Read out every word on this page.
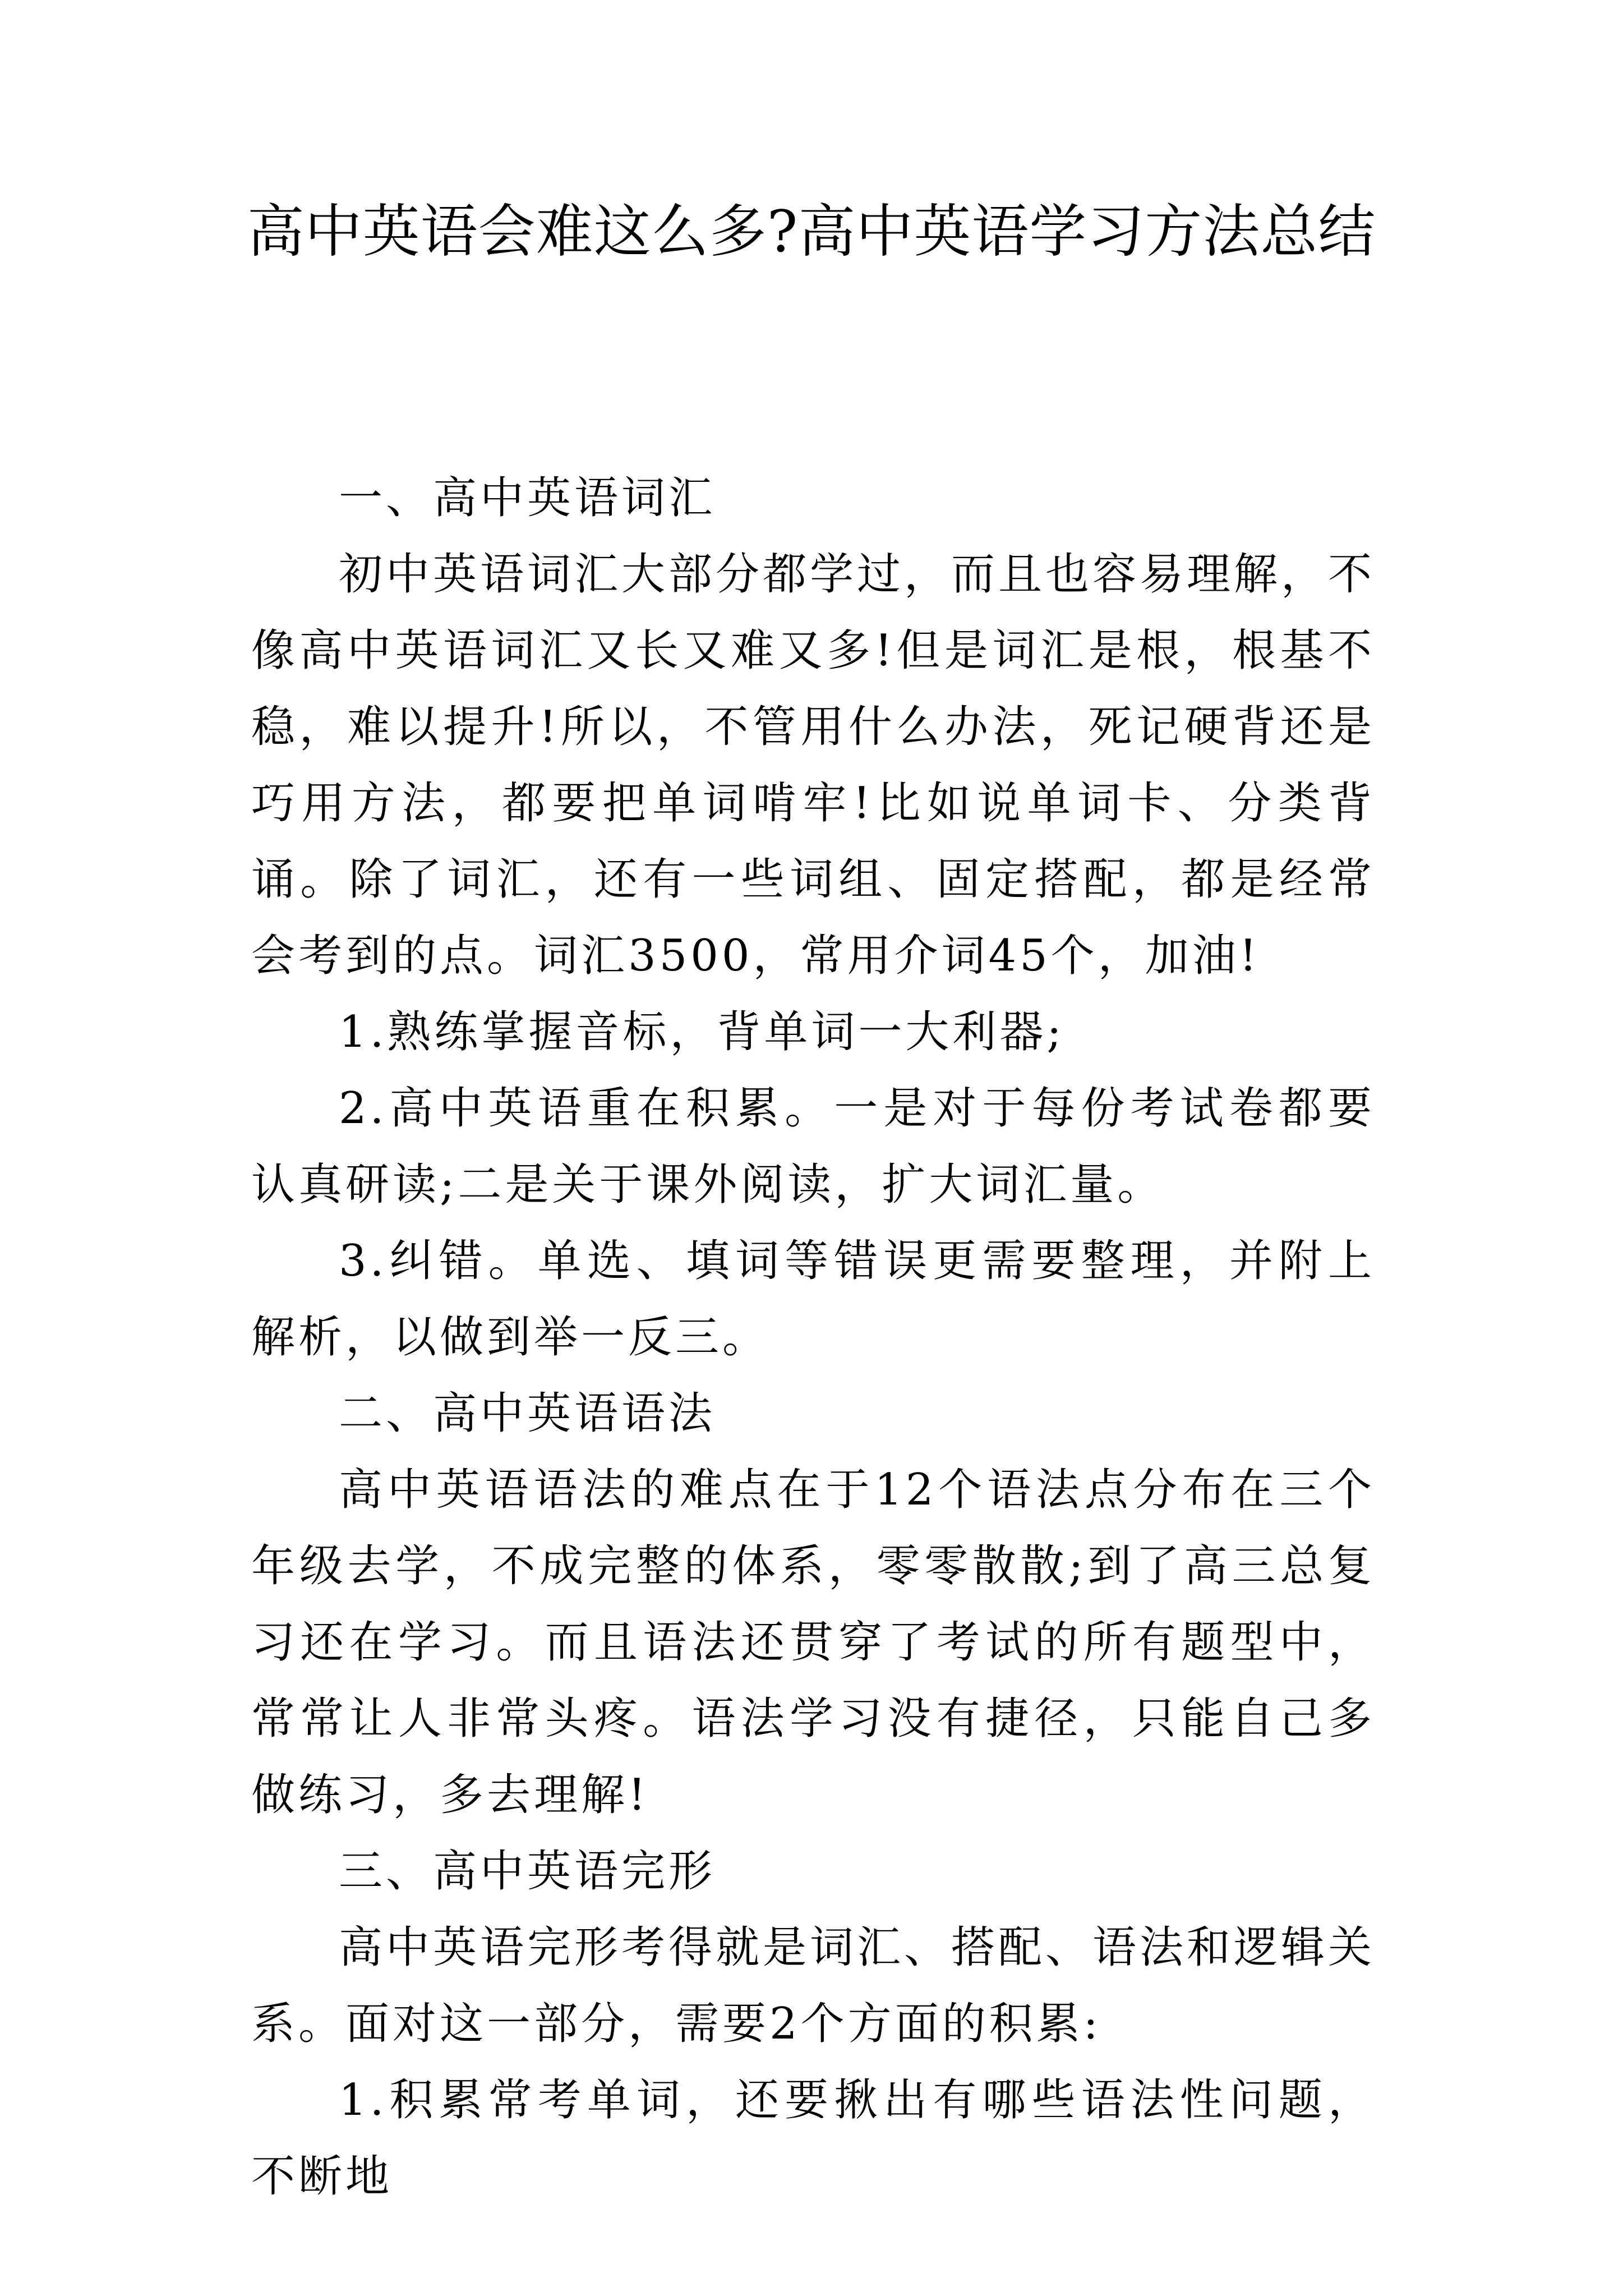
高中英语会难这么多?高中英语学习方法总结

一、高中英语词汇

初中英语词汇大部分都学过，而且也容易理解，不像高中英语词汇又长又难又多!但是词汇是根，根基不稳，难以提升!所以，不管用什么办法，死记硬背还是巧用方法，都要把单词啃牢!比如说单词卡、分类背诵。除了词汇，还有一些词组、固定搭配，都是经常会考到的点。词汇3500，常用介词45个，加油!

1.熟练掌握音标，背单词一大利器;

2.高中英语重在积累。一是对于每份考试卷都要认真研读;二是关于课外阅读，扩大词汇量。

3.纠错。单选、填词等错误更需要整理，并附上解析，以做到举一反三。

二、高中英语语法

高中英语语法的难点在于12个语法点分布在三个年级去学，不成完整的体系，零零散散;到了高三总复习还在学习。而且语法还贯穿了考试的所有题型中，常常让人非常头疼。语法学习没有捷径，只能自己多做练习，多去理解!

三、高中英语完形

高中英语完形考得就是词汇、搭配、语法和逻辑关系。面对这一部分，需要2个方面的积累:

1.积累常考单词，还要揪出有哪些语法性问题，不断地
